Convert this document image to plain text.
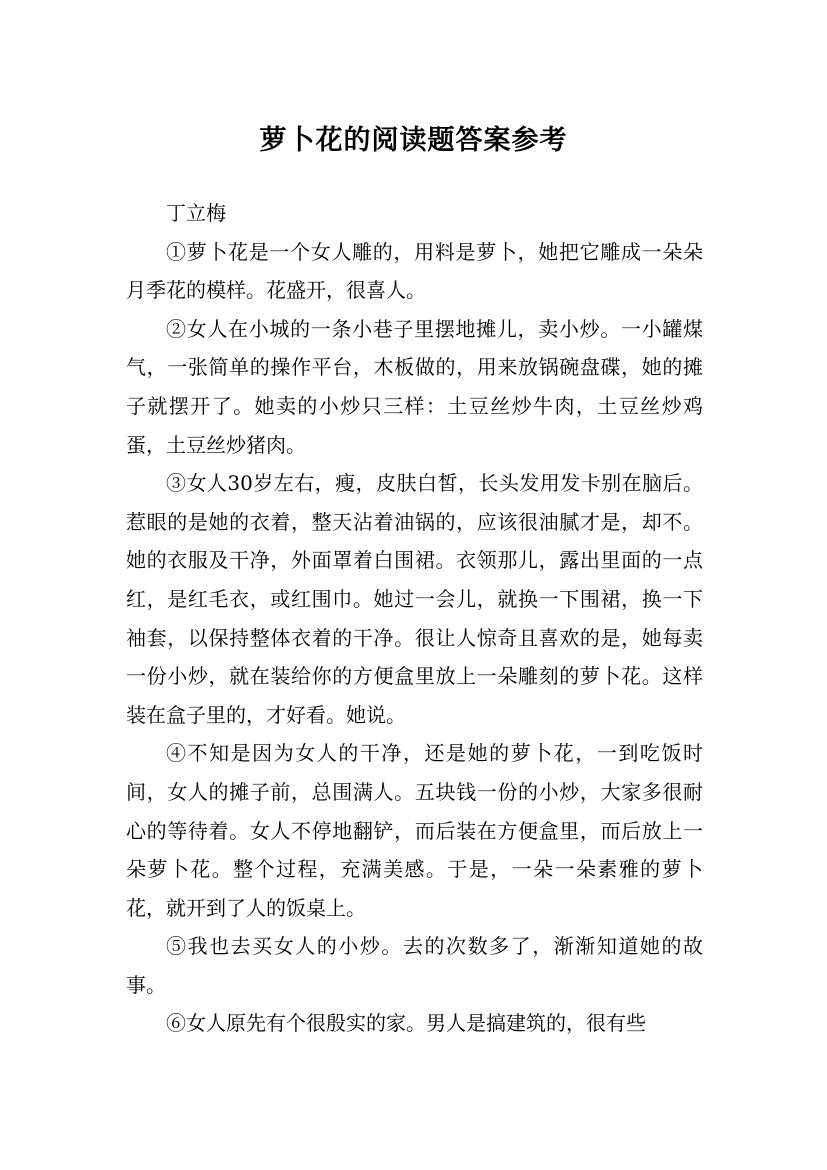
萝卜花的阅读题答案参考

丁立梅

①萝卜花是一个女人雕的，用料是萝卜，她把它雕成一朵朵月季花的模样。花盛开，很喜人。

②女人在小城的一条小巷子里摆地摊儿，卖小炒。一小罐煤气，一张简单的操作平台，木板做的，用来放锅碗盘碟，她的摊子就摆开了。她卖的小炒只三样：土豆丝炒牛肉，土豆丝炒鸡蛋，土豆丝炒猪肉。

③女人30岁左右，瘦，皮肤白皙，长头发用发卡别在脑后。惹眼的是她的衣着，整天沾着油锅的，应该很油腻才是，却不。她的衣服及干净，外面罩着白围裙。衣领那儿，露出里面的一点红，是红毛衣，或红围巾。她过一会儿，就换一下围裙，换一下袖套，以保持整体衣着的干净。很让人惊奇且喜欢的是，她每卖一份小炒，就在装给你的方便盒里放上一朵雕刻的萝卜花。这样装在盒子里的，才好看。她说。

④不知是因为女人的干净，还是她的萝卜花，一到吃饭时间，女人的摊子前，总围满人。五块钱一份的小炒，大家多很耐心的等待着。女人不停地翻铲，而后装在方便盒里，而后放上一朵萝卜花。整个过程，充满美感。于是，一朵一朵素雅的萝卜花，就开到了人的饭桌上。

⑤我也去买女人的小炒。去的次数多了，渐渐知道她的故事。

⑥女人原先有个很殷实的家。男人是搞建筑的，很有些
